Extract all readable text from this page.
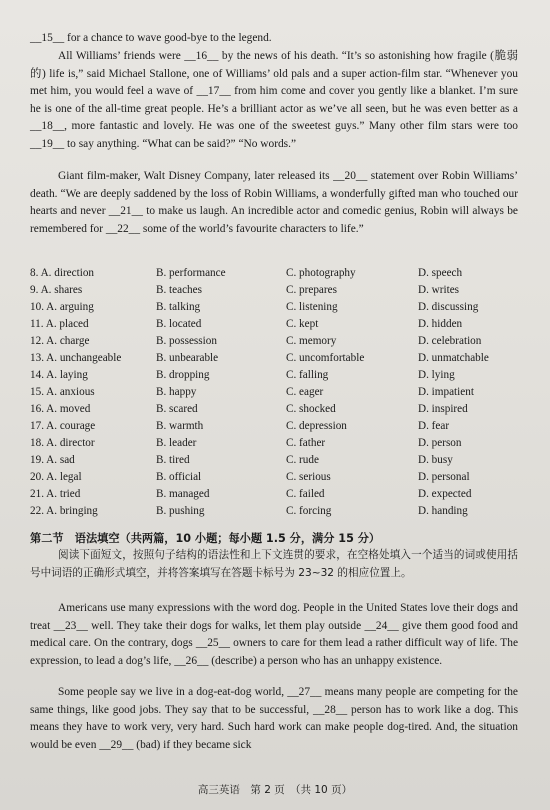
__15__ for a chance to wave good-bye to the legend.
All Williams’ friends were __16__ by the news of his death. “It’s so astonishing how fragile (脆弱的) life is,” said Michael Stallone, one of Williams’ old pals and a super action-film star. “Whenever you met him, you would feel a wave of __17__ from him come and cover you gently like a blanket. I’m sure he is one of the all-time great people. He’s a brilliant actor as we’ve all seen, but he was even better as a __18__, more fantastic and lovely. He was one of the sweetest guys.” Many other film stars were too __19__ to say anything. “What can be said?” “No words.”
Giant film-maker, Walt Disney Company, later released its __20__ statement over Robin Williams’ death. “We are deeply saddened by the loss of Robin Williams, a wonderfully gifted man who touched our hearts and never __21__ to make us laugh. An incredible actor and comedic genius, Robin will always be remembered for __22__ some of the world’s favourite characters to life.”
8. A. direction	B. performance	C. photography	D. speech
9. A. shares	B. teaches	C. prepares	D. writes
10. A. arguing	B. talking	C. listening	D. discussing
11. A. placed	B. located	C. kept	D. hidden
12. A. charge	B. possession	C. memory	D. celebration
13. A. unchangeable	B. unbearable	C. uncomfortable	D. unmatchable
14. A. laying	B. dropping	C. falling	D. lying
15. A. anxious	B. happy	C. eager	D. impatient
16. A. moved	B. scared	C. shocked	D. inspired
17. A. courage	B. warmth	C. depression	D. fear
18. A. director	B. leader	C. father	D. person
19. A. sad	B. tired	C. rude	D. busy
20. A. legal	B. official	C. serious	D. personal
21. A. tried	B. managed	C. failed	D. expected
22. A. bringing	B. pushing	C. forcing	D. handing
第二节　语法填空（共两篇，10 小题；每小题 1.5 分，满分 15 分）
阅读下面短文，按照句子结构的语法性和上下文连贯的要求，在空格处填入一个适当的词或使用括号中词语的正确形式填空，并将答案填写在答题卡标号为 23~32 的相应位置上。
Americans use many expressions with the word dog. People in the United States love their dogs and treat __23__ well. They take their dogs for walks, let them play outside __24__ give them good food and medical care. On the contrary, dogs __25__ owners to care for them lead a rather difficult way of life. The expression, to lead a dog’s life, __26__ (describe) a person who has an unhappy existence.
Some people say we live in a dog-eat-dog world, __27__ means many people are competing for the same things, like good jobs. They say that to be successful, __28__ person has to work like a dog. This means they have to work very, very hard. Such hard work can make people dog-tired. And, the situation would be even __29__ (bad) if they became sick
高三英语　第 2 页　（共 10 页）
